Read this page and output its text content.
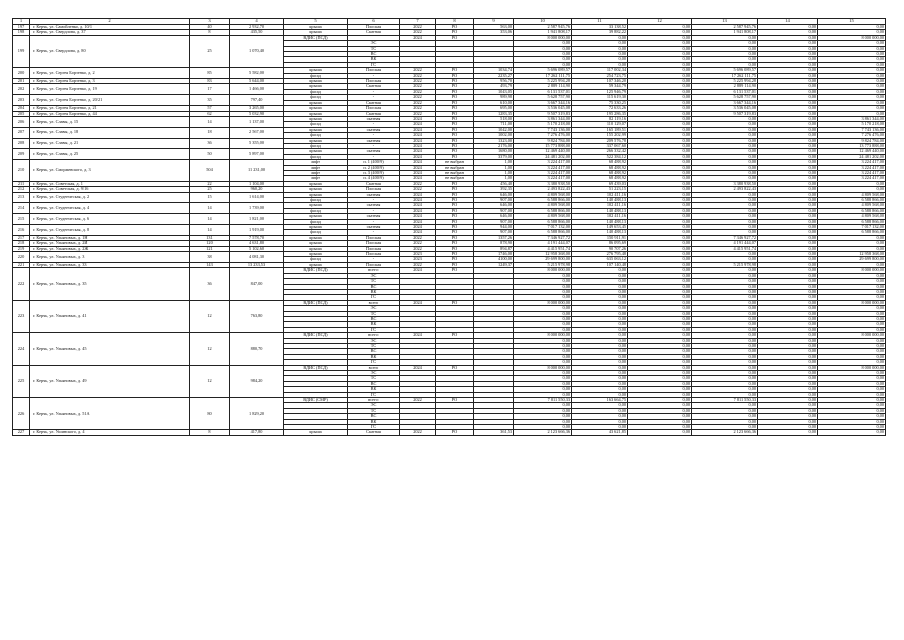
1	2	3	4	5	6	7	8	9	10	11	12	13	14	15
197	г. Керчь, ул. Самойленко, д. 10/1	40	2 932,70	крыша	Плоская	2022	РО	563,00	2 587 945,76	33 138,52	0,00	2 587 945,76	0,00	0,00
198	г. Керчь, ул. Свердлова, д. 37	8	435,50	крыша	Скатная	2022	РО	353,06	1 941 808,17	39 882,22	0,00	1 941 808,17	0,00	0,00
199	г. Керчь, ул. Свердлова, д. 80	25	1 070,40	ВДИС (ПСД)		2024	РО		8 000 000,00	0,00	0,00	0,00	0,00	8 000 000,00
					ЭС				0,00	0,00	0,00	0,00	0,00	0,00
					ТС				0,00	0,00	0,00	0,00	0,00	0,00
					ВС				0,00	0,00	0,00	0,00	0,00	0,00
					ВК				0,00	0,00	0,00	0,00	0,00	0,00
					ГС				0,00	0,00	0,00	0,00	0,00	0,00
200	г. Керчь, ул. Сергея Борзенко, д. 2	85	5 582,00	крыша	Плоская	2022	РО	1034,74	5 696 089,57	117 002,34	0,00	5 696 089,57	0,00	0,00
				фасад	-	2022	РО	2235,27	17 262 111,75	254 723,75	0,00	17 262 111,75	0,00	0,00
201	г. Керчь, ул. Сергея Борзенко, д. 3	83	5 644,00	крыша	Плоская	2022	РО	956,70	5 225 994,28	107 346,20	0,00	5 225 994,28	0,00	0,00
202	г. Керчь, ул. Сергея Борзенко, д. 19	17	1 466,00	крыша	Скатная	2022	РО	493,79	2 889 114,90	59 344,79	0,00	2 889 114,90	0,00	0,00
				фасад	-	2022	РО	1043,05	6 131 537,01	125 946,79	0,00	6 131 537,01	0,00	0,00
203	г. Керчь, ул. Сергея Борзенко, д. 20/21	35	797,40	фасад	-	2022	РО	989,98	5 628 757,90	115 619,30	0,00	5 628 757,90	0,00	0,00
				крыша	Скатная	2022	РО	610,00	3 667 344,16	75 330,25	0,00	3 667 344,16	0,00	0,00
204	г. Керчь, ул. Сергея Борзенко, д. 21	57	3 265,00	крыша	Плоская	2022	РО	695,00	3 536 045,08	72 633,26	0,00	3 536 045,08	0,00	0,00
205	г. Керчь, ул. Сергея Борзенко, д. 44	62	5 032,90	крыша	Скатная	2022	РО	1283,35	9 507 319,83	195 286,35	0,00	9 507 319,83	0,00	0,00
206	г. Керчь, ул. Славы, д. 15	14	1 137,00	крыша	скатная	2024	РО	518,00	3 861 344,00	82 119,16	0,00	0,00	0,00	3 861 344,00
				фасад	-	2024	РО	711,00	5 170 218,00	110 129,07	0,00	0,00	0,00	5 170 218,00
207	г. Керчь, ул. Славы, д. 18	18	2 567,00	крыша	скатная	2024	РО	1042,00	7 743 136,00	165 189,51	0,00	0,00	0,00	7 743 136,00
				фасад	-	2024	РО	1002,00	7 276 476,00	155 202,99	0,00	0,00	0,00	7 276 476,00
208	г. Керчь, ул. Славы, д. 21	36	5 355,00	крыша	скатная	2024	РО	1323,00	9 824 784,00	209 576,78	0,00	0,00	0,00	9 824 784,00
				фасад	-	2024	РО	2176,00	15 773 888,00	337 067,60	0,00	0,00	0,00	13 773 888,00
209	г. Керчь, ул. Славы, д. 25	50	5 897,00	крыша	скатная	2024	РО	1680,00	12 469 440,00	266 332,42	0,00	0,00	0,00	12 469 440,00
				фасад	-	2024	РО	3379,00	24 481 202,00	522 384,12	0,00	0,00	0,00	24 481 202,00
210	г. Керчь, ул. Сморжевского, д. 3	504	11 231,00	лифт	п. 1 (400/9)	2024	не выбран	1,00	3 224 417,00	68 488,92	0,00	0,00	0,00	3 224 417,00
				лифт	п. 2 (400/9)	2024	не выбран	1,00	3 224 417,00	68 488,92	0,00	0,00	0,00	3 224 417,00
				лифт	п. 3 (400/9)	2024	не выбран	1,00	3 224 417,00	68 488,92	0,00	0,00	0,00	3 224 417,00
				лифт	п. 4 (400/9)	2024	не выбран	1,00	3 224 417,00	68 488,92	0,00	0,00	0,00	3 224 417,00
211	г. Керчь, ул. Советская, д. 1	22	1 104,00	крыша	Скатная	2022	РО	456,40	3 380 938,50	69 439,03	0,00	3 380 938,50	0,00	0,00
212	г. Керчь, ул. Советская, д. 9/16	25	960,20	крыша	Плоская	2022	РО	392,35	2 493 822,43	51 223,15	0,00	2 493 822,43	0,00	0,00
213	г. Керчь, ул. Студенческая, д. 2	15	1 614,00	крыша	скатная	2024	РО	646,00	4 809 568,00	102 411,16	0,00	0,00	0,00	4 809 568,00
				фасад	-	2024	РО	907,00	6 588 866,00	140 488,13	0,00	0,00	0,00	6 588 866,00
214	г. Керчь, ул. Студенческая, д. 4	14	1 739,00	крыша	скатная	2024	РО	646,00	4 809 568,00	102 411,16	0,00	0,00	0,00	4 809 568,00
				фасад	-	2024	РО	907,00	6 588 866,00	140 488,13	0,00	0,00	0,00	6 588 866,00
215	г. Керчь, ул. Студенческая, д. 6	14	1 821,00	крыша	скатная	2024	РО	646,00	4 809 568,00	102 411,16	0,00	0,00	0,00	4 809 568,00
				фасад	-	2024	РО	907,00	6 588 866,00	140 488,13	0,00	0,00	0,00	6 588 866,00
216	г. Керчь, ул. Студенческая, д. 8	14	1 919,00	крыша	скатная	2024	РО	944,00	7 017 132,00	149 653,45	0,00	0,00	0,00	7 017 132,00
				фасад	-	2024	РО	907,00	6 588 866,00	140 488,13	0,00	0,00	0,00	6 588 866,00
217	г. Керчь, ул. Ульяновых, д. 1Н	131	7 578,70	крыша	Плоская	2022	РО	1357,26	7 346 927,72	150 911,91	0,00	7 346 927,72	0,00	0,00
218	г. Керчь, ул. Ульяновых, д. 2И	120	4 631,80	крыша	Плоская	2022	РО	878,90	4 191 444,07	86 095,69	0,00	4 191 444,07	0,00	0,00
219	г. Керчь, ул. Ульяновых, д. 2Ж	121	5 102,60	крыша	Плоская	2022	РО	894,87	4 415 951,74	90 707,26	0,00	4 415 951,74	0,00	0,00
220	г. Керчь, ул. Ульяновых, д. 3	38	4 081,30	крыша	Плоская	2023	РО	1746,00	12 958 368,00	276 795,48	0,00	0,00	0,00	12 958 368,00
				фасад	-	2023	РО	4100,00	29 699 800,00	635 063,12	0,00	0,00	0,00	29 699 800,00
221	г. Керчь, ул. Ульяновых, д. 33	143	13 233,53	крыша	Плоская	2022	РО	1249,37	5 215 978,98	107 140,48	0,00	5 215 978,98	0,00	0,00
222	г. Керчь, ул. Ульяновых, д. 35	36	847,00	ВДИС (ПСД)	всего:	2024	РО		8 000 000,00	0,00	0,00	0,00	0,00	8 000 000,00
					ЭС				0,00	0,00	0,00	0,00	0,00	0,00
					ТС				0,00	0,00	0,00	0,00	0,00	0,00
					ВС				0,00	0,00	0,00	0,00	0,00	0,00
					ВК				0,00	0,00	0,00	0,00	0,00	0,00
					ГС				0,00	0,00	0,00	0,00	0,00	0,00
223	г. Керчь, ул. Ульяновых, д. 41	12	763,80	ВДИС (ПСД)	всего	2024	РО		8 000 000,00	0,00	0,00	0,00	0,00	8 000 000,00
					ЭС				0,00	0,00	0,00	0,00	0,00	0,00
					ТС				0,00	0,00	0,00	0,00	0,00	0,00
					ВС				0,00	0,00	0,00	0,00	0,00	0,00
					ВК				0,00	0,00	0,00	0,00	0,00	0,00
					ГС				0,00	0,00	0,00	0,00	0,00	0,00
224	г. Керчь, ул. Ульяновых, д. 45	12	880,70	ВДИС (ПСД)	всего:	2024	РО		8 000 000,00	0,00	0,00	0,00	0,00	8 000 000,00
					ЭС				0,00	0,00	0,00	0,00	0,00	0,00
					ТС				0,00	0,00	0,00	0,00	0,00	0,00
					ВС				0,00	0,00	0,00	0,00	0,00	0,00
					ВК				0,00	0,00	0,00	0,00	0,00	0,00
					ГС				0,00	0,00	0,00	0,00	0,00	0,00
225	г. Керчь, ул. Ульяновых, д. 49	12	984,20	ВДИС (ПСД)	всего	2024	РО		8 000 000,00	0,00	0,00	0,00	0,00	8 000 000,00
					ЭС				0,00	0,00	0,00	0,00	0,00	0,00
					ТС				0,00	0,00	0,00	0,00	0,00	0,00
					ВС				0,00	0,00	0,00	0,00	0,00	0,00
					ВК				0,00	0,00	0,00	0,00	0,00	0,00
					ГС				0,00	0,00	0,00	0,00	0,00	0,00
226	г. Керчь, ул. Ульяновых, д. 51А	80	1 829,20	ВДИС (СМР)	всего:	2022	РО		7 811 550,33	163 664,75	0,00	7 811 550,33	0,00	0,00
					ЭС				0,00	0,00	0,00	0,00	0,00	0,00
					ТС				0,00	0,00	0,00	0,00	0,00	0,00
					ВС				0,00	0,00	0,00	0,00	0,00	0,00
					ВК				0,00	0,00	0,00	0,00	0,00	0,00
					ГС				0,00	0,00	0,00	0,00	0,00	0,00
227	г. Керчь, ул. Ушинского, д. 4	8	417,80	крыша	Скатная	2022	РО	361,53	2 123 666,36	43 621,85	0,00	2 123 666,36	0,00	0,00
